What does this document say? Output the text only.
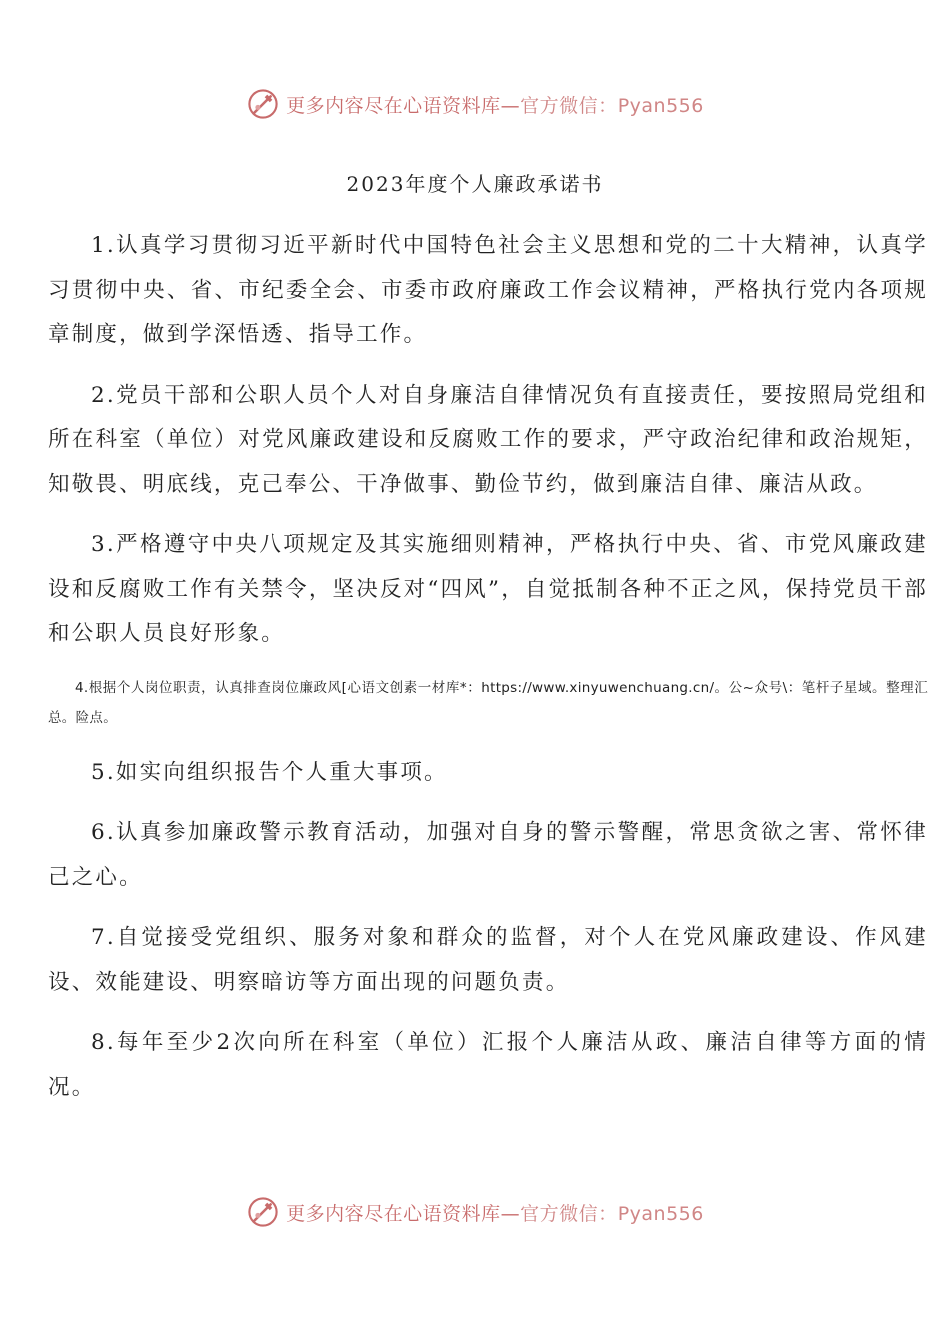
更多内容尽在心语资料库—官方微信：Pyan556
2023年度个人廉政承诺书

1.认真学习贯彻习近平新时代中国特色社会主义思想和党的二十大精神，认真学习贯彻中央、省、市纪委全会、市委市政府廉政工作会议精神，严格执行党内各项规章制度，做到学深悟透、指导工作。

2.党员干部和公职人员个人对自身廉洁自律情况负有直接责任，要按照局党组和所在科室（单位）对党风廉政建设和反腐败工作的要求，严守政治纪律和政治规矩，知敬畏、明底线，克己奉公、干净做事、勤俭节约，做到廉洁自律、廉洁从政。

3.严格遵守中央八项规定及其实施细则精神，严格执行中央、省、市党风廉政建设和反腐败工作有关禁令，坚决反对“四风”，自觉抵制各种不正之风，保持党员干部和公职人员良好形象。

4.根据个人岗位职责，认真排查岗位廉政风[心语文创素一材库*：https://www.xinyuwenchuang.cn/。公~众号\：笔杆子星域。整理汇总。险点。

5.如实向组织报告个人重大事项。

6.认真参加廉政警示教育活动，加强对自身的警示警醒，常思贪欲之害、常怀律己之心。

7.自觉接受党组织、服务对象和群众的监督，对个人在党风廉政建设、作风建设、效能建设、明察暗访等方面出现的问题负责。

8.每年至少2次向所在科室（单位）汇报个人廉洁从政、廉洁自律等方面的情况。

更多内容尽在心语资料库—官方微信：Pyan556
